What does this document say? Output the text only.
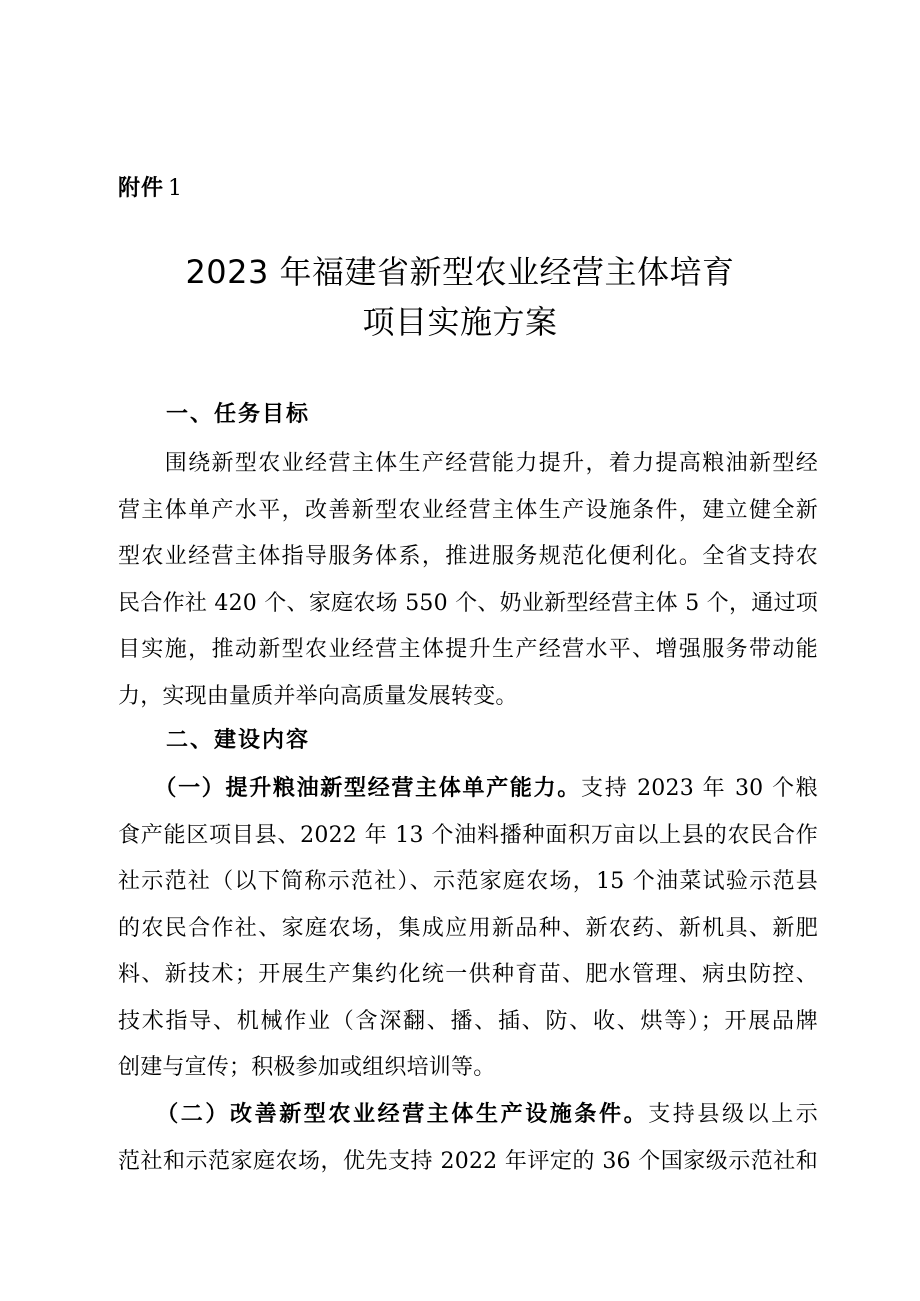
附件 1
2023 年福建省新型农业经营主体培育
项目实施方案
一、任务目标
　　围绕新型农业经营主体生产经营能力提升，着力提高粮油新型经
营主体单产水平，改善新型农业经营主体生产设施条件，建立健全新
型农业经营主体指导服务体系，推进服务规范化便利化。全省支持农
民合作社 420 个、家庭农场 550 个、奶业新型经营主体 5 个，通过项
目实施，推动新型农业经营主体提升生产经营水平、增强服务带动能
力，实现由量质并举向高质量发展转变。
二、建设内容
　　（一）提升粮油新型经营主体单产能力。支持 2023 年 30 个粮
食产能区项目县、2022 年 13 个油料播种面积万亩以上县的农民合作
社示范社（以下简称示范社）、示范家庭农场，15 个油菜试验示范县
的农民合作社、家庭农场，集成应用新品种、新农药、新机具、新肥
料、新技术；开展生产集约化统一供种育苗、肥水管理、病虫防控、
技术指导、机械作业（含深翻、播、插、防、收、烘等）；开展品牌
创建与宣传；积极参加或组织培训等。
　　（二）改善新型农业经营主体生产设施条件。支持县级以上示
范社和示范家庭农场，优先支持 2022 年评定的 36 个国家级示范社和
